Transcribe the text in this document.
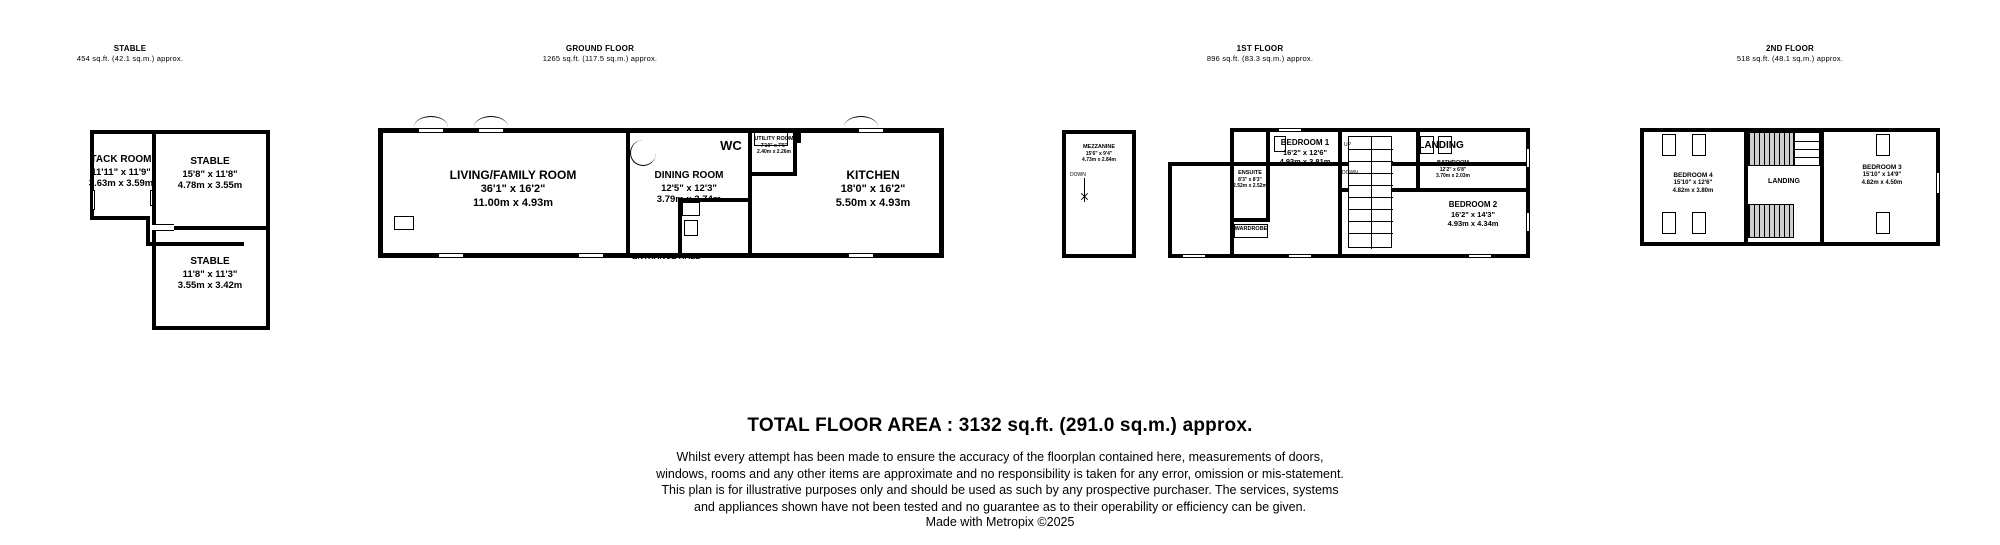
STABLE
454 sq.ft. (42.1 sq.m.) approx.
TACK ROOM
11'11" x 11'9"
3.63m x 3.59m
STABLE
15'8" x 11'8"
4.78m x 3.55m
STABLE
11'8" x 11'3"
3.55m x 3.42m
GROUND FLOOR
1265 sq.ft. (117.5 sq.m.) approx.
LIVING/FAMILY ROOM
36'1" x 16'2"
11.00m x 4.93m
DINING ROOM
12'5" x 12'3"
3.79m x 3.74m
KITCHEN
18'0" x 16'2"
5.50m x 4.93m
UTILITY ROOM
7'10" x 7'5"
2.40m x 2.26m
WC
ENTRANCE HALL
1ST FLOOR
896 sq.ft. (83.3 sq.m.) approx.
MEZZANINE
15'6" x 9'4"
4.73m x 2.84m
DOWN
UP
DOWN
BEDROOM 1
16'2" x 12'6"
4.93m x 3.81m
BEDROOM 2
16'2" x 14'3"
4.93m x 4.34m
ENSUITE
8'3" x 8'3"
2.52m x 2.52m
BATHROOM
12'2" x 6'8"
3.70m x 2.03m
LANDING
WARDROBE
2ND FLOOR
518 sq.ft. (48.1 sq.m.) approx.
BEDROOM 4
15'10" x 12'6"
4.82m x 3.80m
BEDROOM 3
15'10" x 14'9"
4.82m x 4.50m
LANDING
TOTAL FLOOR AREA : 3132 sq.ft. (291.0 sq.m.) approx.
Whilst every attempt has been made to ensure the accuracy of the floorplan contained here, measurements of doors, windows, rooms and any other items are approximate and no responsibility is taken for any error, omission or mis-statement. This plan is for illustrative purposes only and should be used as such by any prospective purchaser. The services, systems and appliances shown have not been tested and no guarantee as to their operability or efficiency can be given.
Made with Metropix ©2025
